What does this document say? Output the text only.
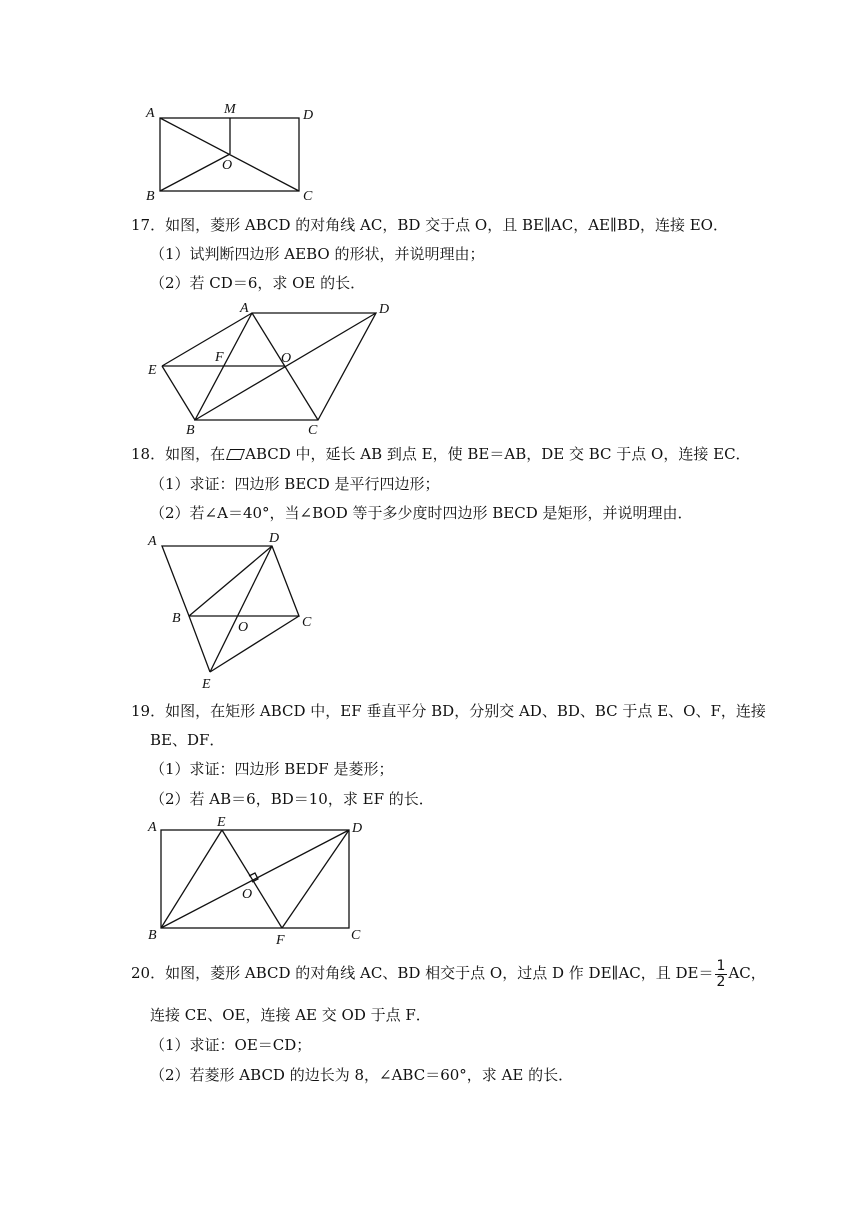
A	M	D
O
B	C
17．如图，菱形 ABCD 的对角线 AC，BD 交于点 O，且 BE∥AC，AE∥BD，连接 EO．
（1）试判断四边形 AEBO 的形状，并说明理由；
（2）若 CD＝6，求 OE 的长．
A	D
E
F	O
B	C
18．如图，在 ABCD 中，延长 AB 到点 E，使 BE＝AB，DE 交 BC 于点 O，连接 EC．
（1）求证：四边形 BECD 是平行四边形；
（2）若∠A＝40°，当∠BOD 等于多少度时四边形 BECD 是矩形，并说明理由．
A	D
B
O	C
E
19．如图，在矩形 ABCD 中，EF 垂直平分 BD，分别交 AD、BD、BC 于点 E、O、F，连接
BE、DF．
（1）求证：四边形 BEDF 是菱形；
（2）若 AB＝6，BD＝10，求 EF 的长．
A	E	D
O
B	F	C
20．如图，菱形 ABCD 的对角线 AC、BD 相交于点 O，过点 D 作 DE∥AC，且 $DE= \frac{1}{2}$ AC，
连接 CE、OE，连接 AE 交 OD 于点 F．
（1）求证：OE＝CD；
（2）若菱形 ABCD 的边长为 8，∠ABC＝60°，求 AE 的长．
